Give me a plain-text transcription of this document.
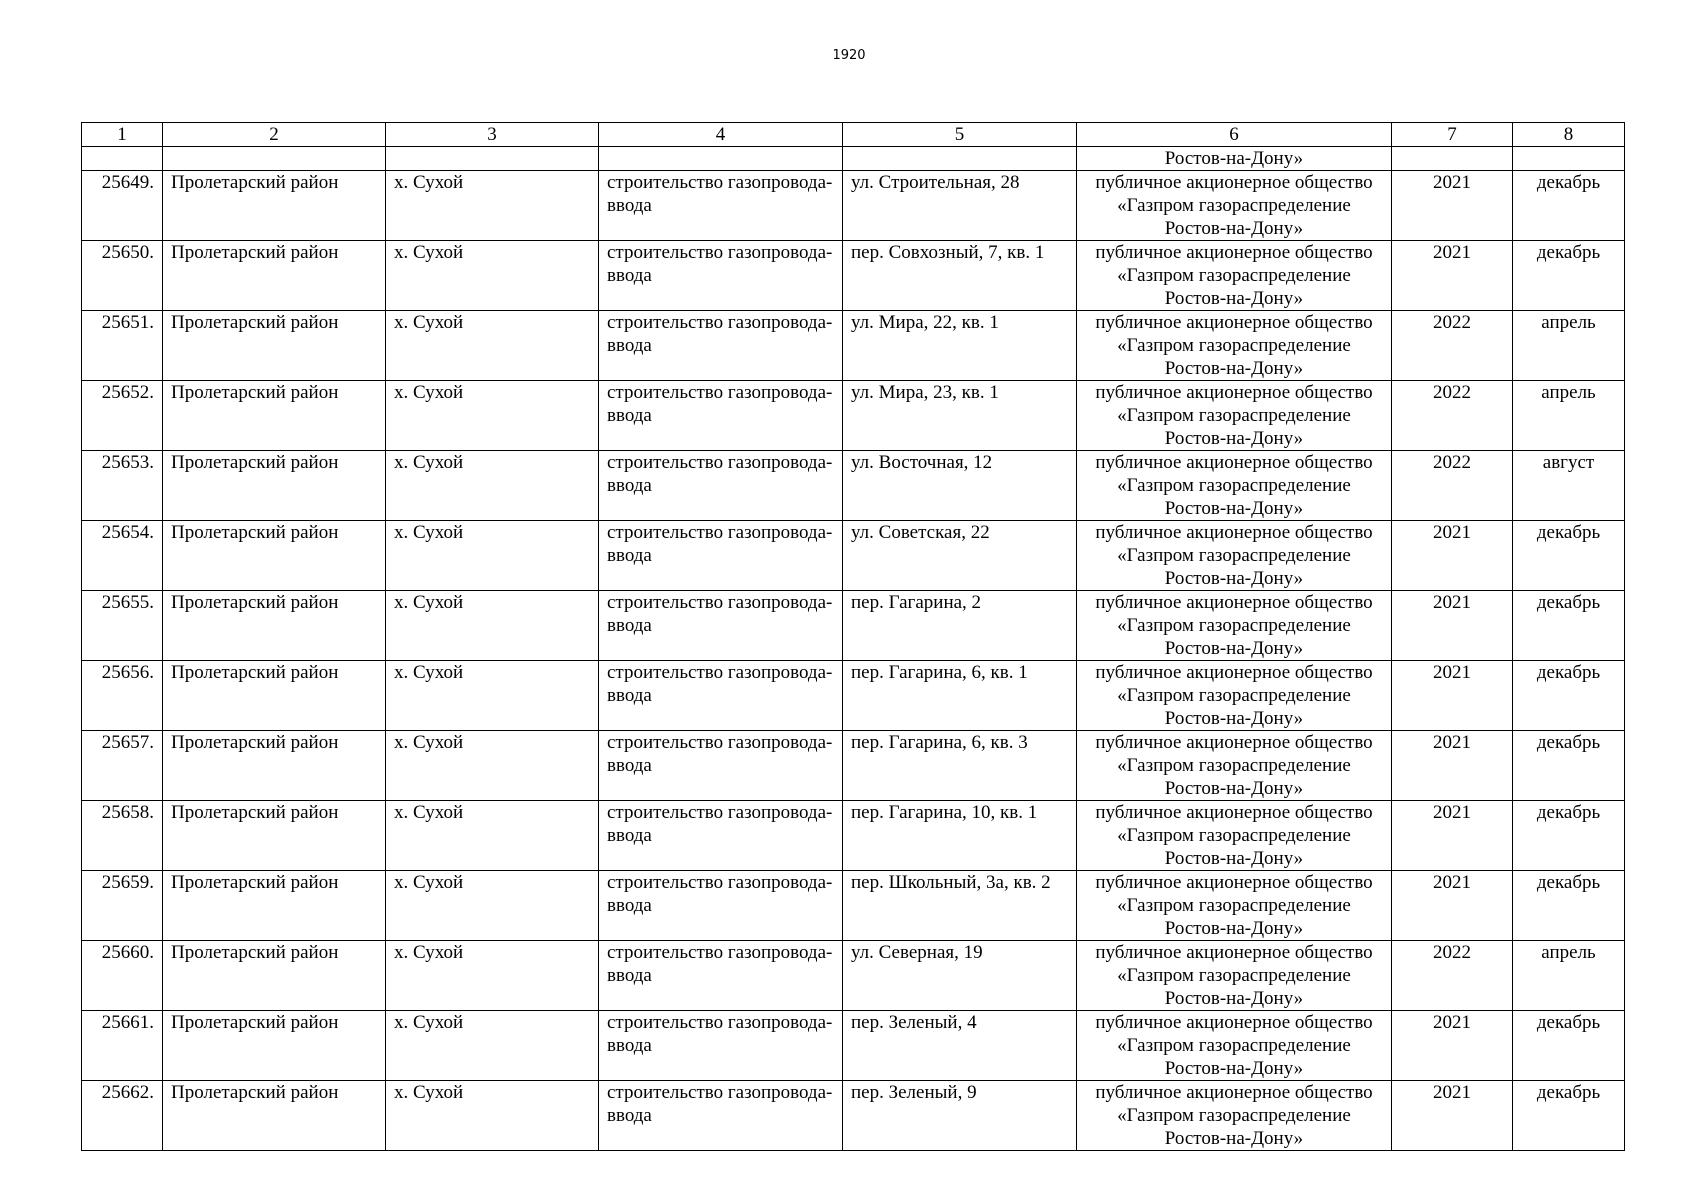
1920
1	2	3	4	5	6	7	8
					Ростов-на-Дону»		
25649.	Пролетарский район	х. Сухой	строительство газопровода-ввода	ул. Строительная, 28	публичное акционерное общество «Газпром газораспределение Ростов-на-Дону»	2021	декабрь
25650.	Пролетарский район	х. Сухой	строительство газопровода-ввода	пер. Совхозный, 7, кв. 1	публичное акционерное общество «Газпром газораспределение Ростов-на-Дону»	2021	декабрь
25651.	Пролетарский район	х. Сухой	строительство газопровода-ввода	ул. Мира, 22, кв. 1	публичное акционерное общество «Газпром газораспределение Ростов-на-Дону»	2022	апрель
25652.	Пролетарский район	х. Сухой	строительство газопровода-ввода	ул. Мира, 23, кв. 1	публичное акционерное общество «Газпром газораспределение Ростов-на-Дону»	2022	апрель
25653.	Пролетарский район	х. Сухой	строительство газопровода-ввода	ул. Восточная, 12	публичное акционерное общество «Газпром газораспределение Ростов-на-Дону»	2022	август
25654.	Пролетарский район	х. Сухой	строительство газопровода-ввода	ул. Советская, 22	публичное акционерное общество «Газпром газораспределение Ростов-на-Дону»	2021	декабрь
25655.	Пролетарский район	х. Сухой	строительство газопровода-ввода	пер. Гагарина, 2	публичное акционерное общество «Газпром газораспределение Ростов-на-Дону»	2021	декабрь
25656.	Пролетарский район	х. Сухой	строительство газопровода-ввода	пер. Гагарина, 6, кв. 1	публичное акционерное общество «Газпром газораспределение Ростов-на-Дону»	2021	декабрь
25657.	Пролетарский район	х. Сухой	строительство газопровода-ввода	пер. Гагарина, 6, кв. 3	публичное акционерное общество «Газпром газораспределение Ростов-на-Дону»	2021	декабрь
25658.	Пролетарский район	х. Сухой	строительство газопровода-ввода	пер. Гагарина, 10, кв. 1	публичное акционерное общество «Газпром газораспределение Ростов-на-Дону»	2021	декабрь
25659.	Пролетарский район	х. Сухой	строительство газопровода-ввода	пер. Школьный, 3а, кв. 2	публичное акционерное общество «Газпром газораспределение Ростов-на-Дону»	2021	декабрь
25660.	Пролетарский район	х. Сухой	строительство газопровода-ввода	ул. Северная, 19	публичное акционерное общество «Газпром газораспределение Ростов-на-Дону»	2022	апрель
25661.	Пролетарский район	х. Сухой	строительство газопровода-ввода	пер. Зеленый, 4	публичное акционерное общество «Газпром газораспределение Ростов-на-Дону»	2021	декабрь
25662.	Пролетарский район	х. Сухой	строительство газопровода-ввода	пер. Зеленый, 9	публичное акционерное общество «Газпром газораспределение Ростов-на-Дону»	2021	декабрь
